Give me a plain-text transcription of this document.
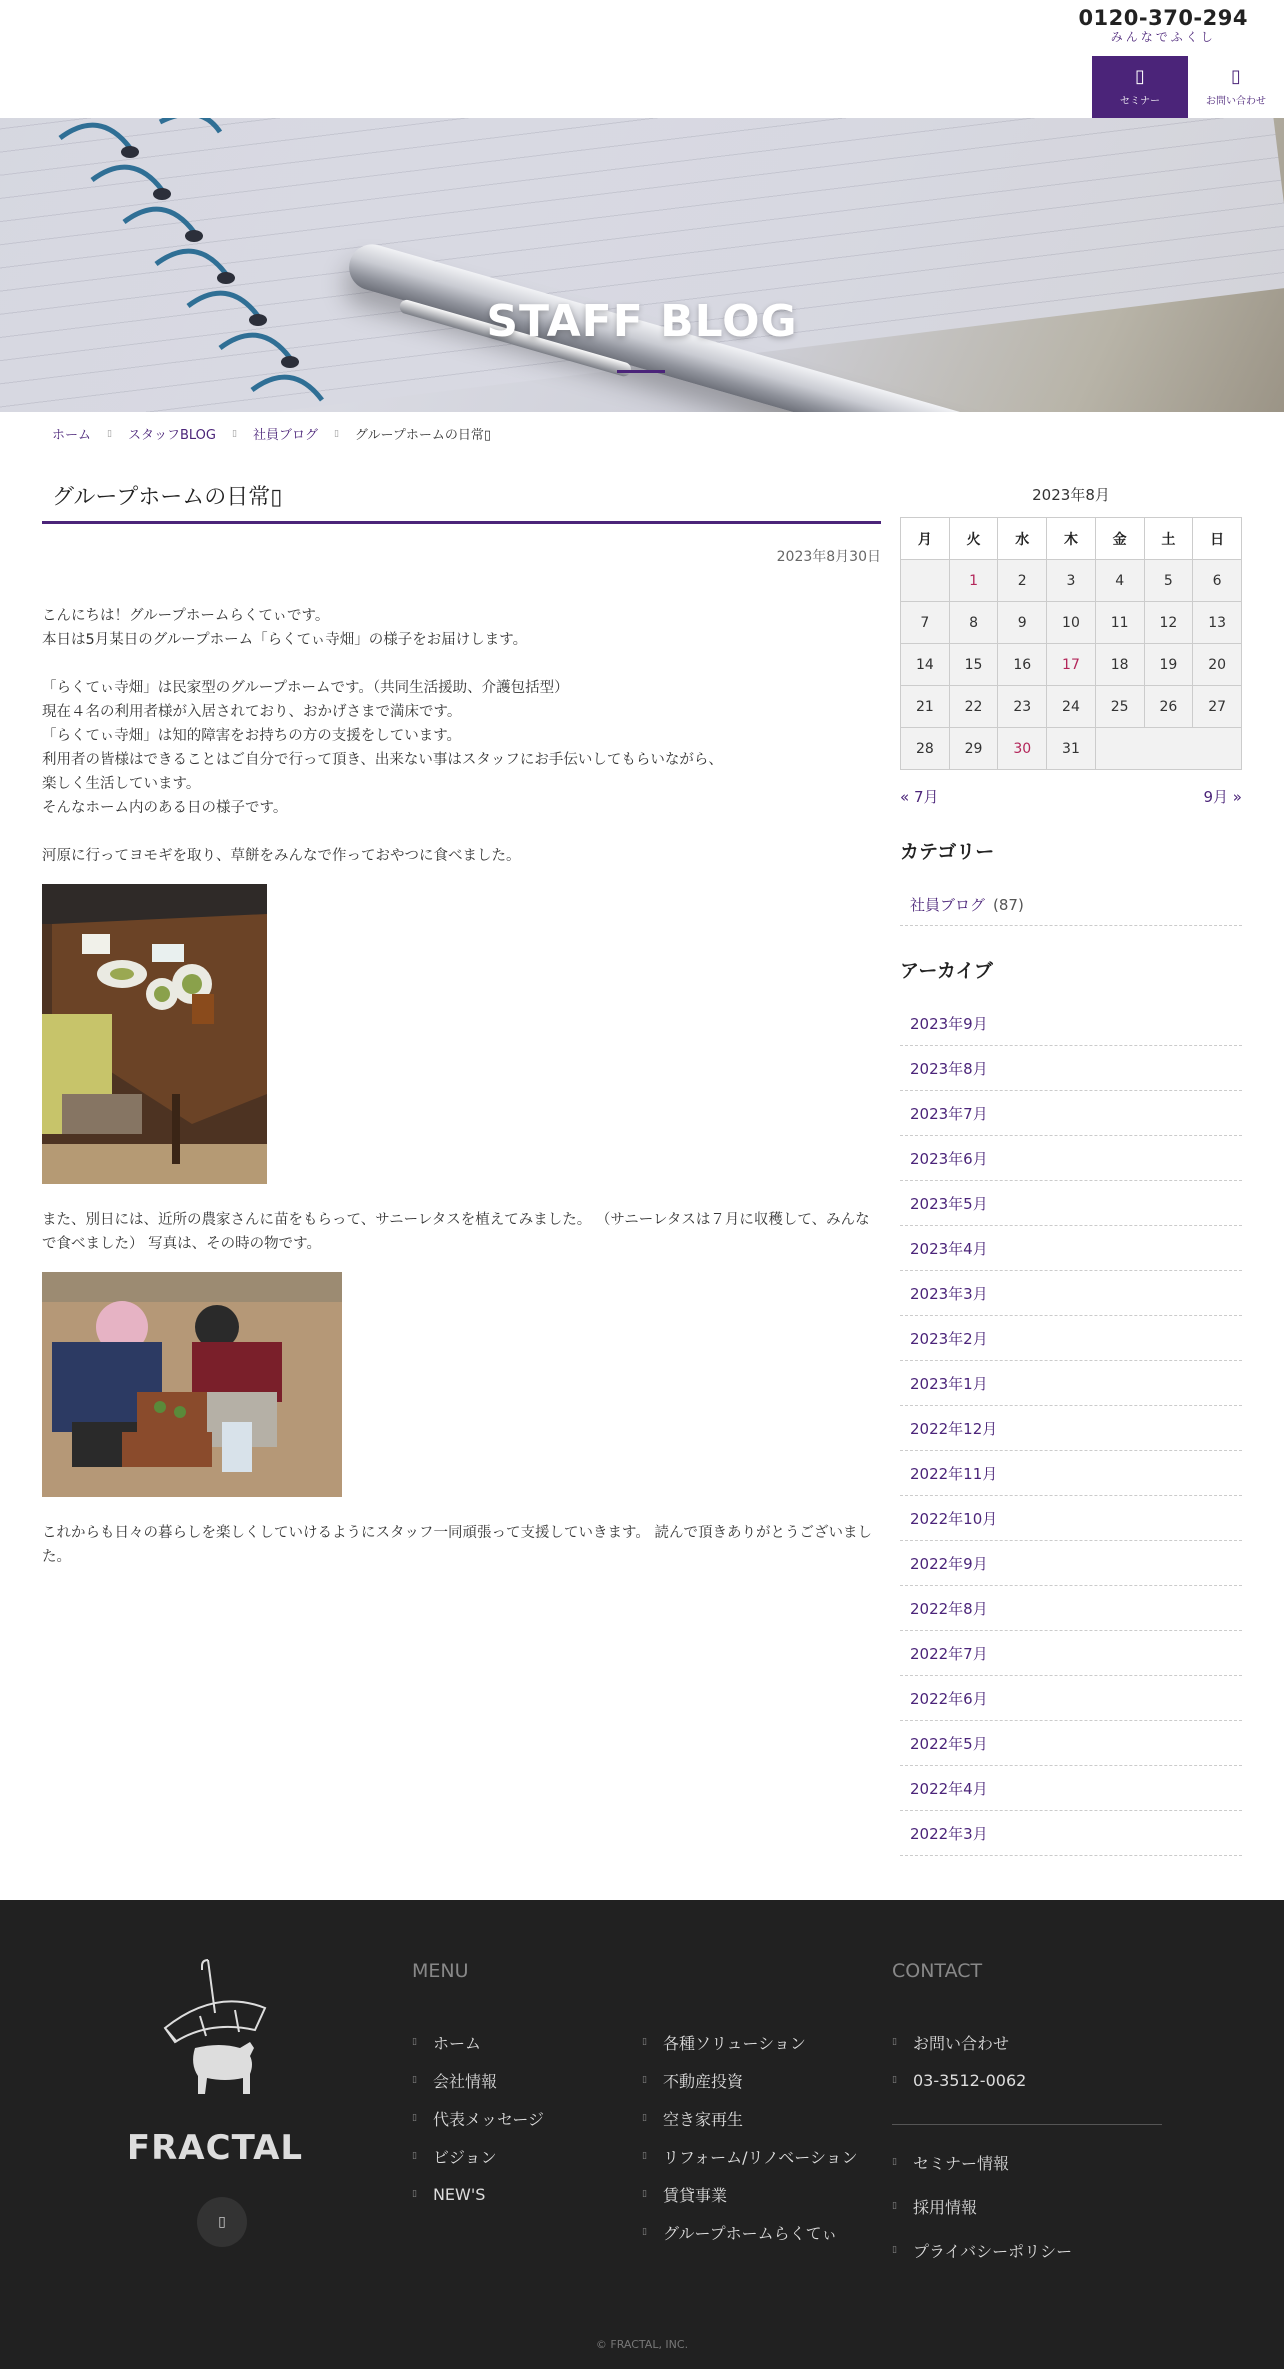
0120-370-294
みんなでふくし
▯
セミナー
▯
お問い合わせ
STAFF BLOG
ホーム ▯ スタッフBLOG ▯ 社員ブログ ▯ グループホームの日常▯
グループホームの日常▯
2023年8月30日

こんにちは！グループホームらくてぃです。
本日は5月某日のグループホーム「らくてぃ寺畑」の様子をお届けします。

「らくてぃ寺畑」は民家型のグループホームです。（共同生活援助、介護包括型）
現在４名の利用者様が入居されており、おかげさまで満床です。
「らくてぃ寺畑」は知的障害をお持ちの方の支援をしています。
利用者の皆様はできることはご自分で行って頂き、出来ない事はスタッフにお手伝いしてもらいながら、
楽しく生活しています。
そんなホーム内のある日の様子です。

河原に行ってヨモギを取り、草餅をみんなで作っておやつに食べました。

また、別日には、近所の農家さんに苗をもらって、サニーレタスを植えてみました。 （サニーレタスは７月に収穫して、みんなで食べました） 写真は、その時の物です。

これからも日々の暮らしを楽しくしていけるようにスタッフ一同頑張って支援していきます。 読んで頂きありがとうございました。

2023年8月
月	火	水	木	金	土	日
	1	2	3	4	5	6
7	8	9	10	11	12	13
14	15	16	17	18	19	20
21	22	23	24	25	26	27
28	29	30	31			
« 7月	9月 »
カテゴリー
社員ブログ (87)
アーカイブ
2023年9月
2023年8月
2023年7月
2023年6月
2023年5月
2023年4月
2023年3月
2023年2月
2023年1月
2022年12月
2022年11月
2022年10月
2022年9月
2022年8月
2022年7月
2022年6月
2022年5月
2022年4月
2022年3月
FRACTAL
▯
MENU
▯ ホーム
▯ 会社情報
▯ 代表メッセージ
▯ ビジョン
▯ NEW'S
▯ 各種ソリューション
▯ 不動産投資
▯ 空き家再生
▯ リフォーム/リノベーション
▯ 賃貸事業
▯ グループホームらくてぃ
CONTACT
▯ お問い合わせ
▯ 03-3512-0062
▯ セミナー情報
▯ 採用情報
▯ プライバシーポリシー
© FRACTAL, INC.
